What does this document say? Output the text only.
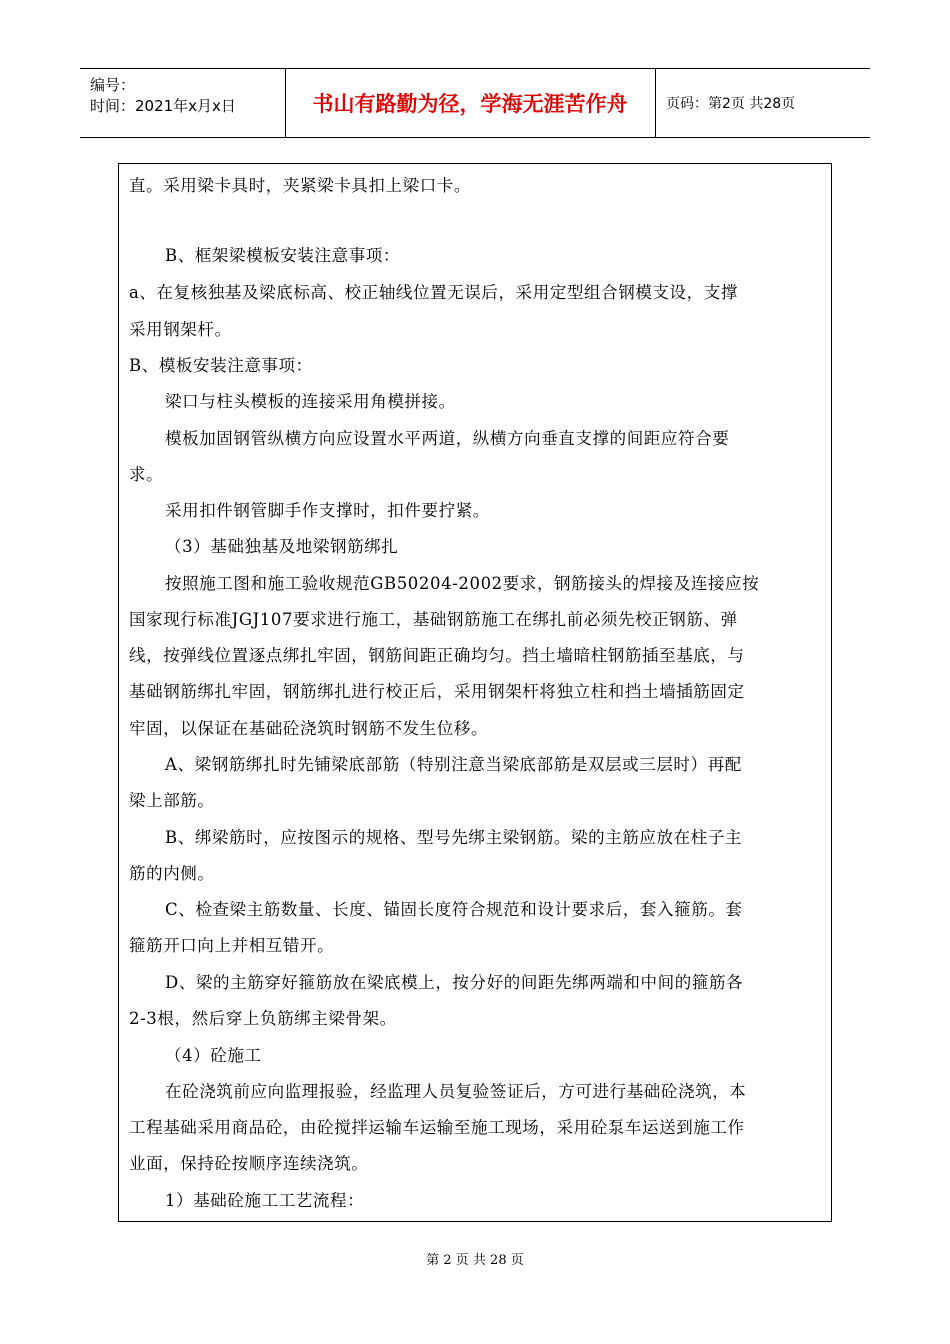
编号：
时间：2021年x月x日	书山有路勤为径，学海无涯苦作舟	页码：第2页 共28页
直。采用梁卡具时，夹紧梁卡具扣上梁口卡。
B、框架梁模板安装注意事项：
a、在复核独基及梁底标高、校正轴线位置无误后，采用定型组合钢模支设，支撑
采用钢架杆。
B、模板安装注意事项：
梁口与柱头模板的连接采用角模拼接。
模板加固钢管纵横方向应设置水平两道，纵横方向垂直支撑的间距应符合要
求。
采用扣件钢管脚手作支撑时，扣件要拧紧。
（3）基础独基及地梁钢筋绑扎
按照施工图和施工验收规范GB50204-2002要求，钢筋接头的焊接及连接应按
国家现行标准JGJ107要求进行施工，基础钢筋施工在绑扎前必须先校正钢筋、弹
线，按弹线位置逐点绑扎牢固，钢筋间距正确均匀。挡土墙暗柱钢筋插至基底，与
基础钢筋绑扎牢固，钢筋绑扎进行校正后，采用钢架杆将独立柱和挡土墙插筋固定
牢固，以保证在基础砼浇筑时钢筋不发生位移。
A、梁钢筋绑扎时先铺梁底部筋（特别注意当梁底部筋是双层或三层时）再配
梁上部筋。
B、绑梁筋时，应按图示的规格、型号先绑主梁钢筋。梁的主筋应放在柱子主
筋的内侧。
C、检查梁主筋数量、长度、锚固长度符合规范和设计要求后，套入箍筋。套
箍筋开口向上并相互错开。
D、梁的主筋穿好箍筋放在梁底模上，按分好的间距先绑两端和中间的箍筋各
2-3根，然后穿上负筋绑主梁骨架。
（4）砼施工
在砼浇筑前应向监理报验，经监理人员复验签证后，方可进行基础砼浇筑，本
工程基础采用商品砼，由砼搅拌运输车运输至施工现场，采用砼泵车运送到施工作
业面，保持砼按顺序连续浇筑。
1）基础砼施工工艺流程：
第 2 页 共 28 页
